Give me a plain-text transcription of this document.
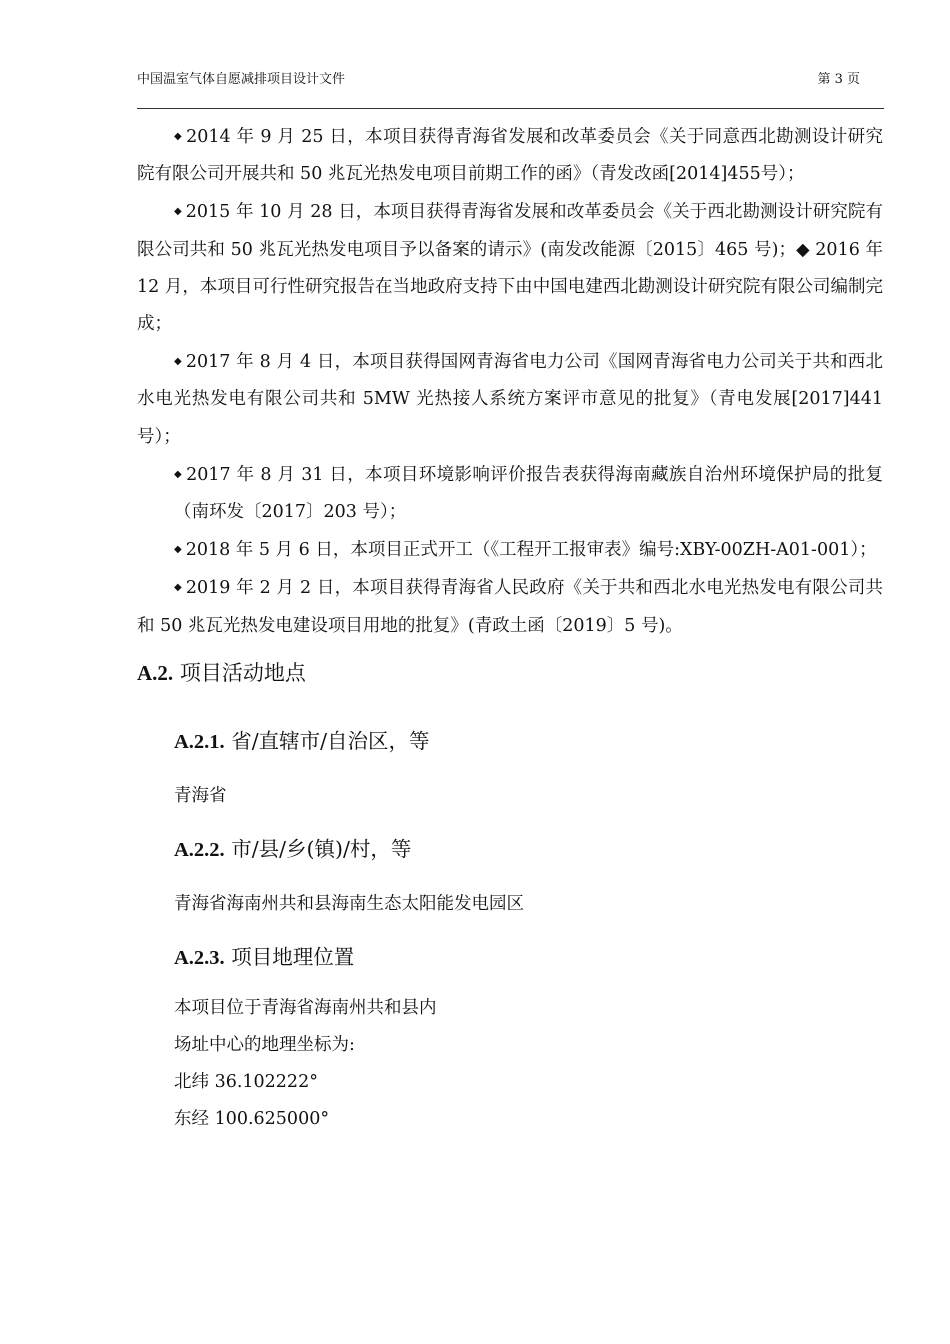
中国温室气体自愿减排项目设计文件	第 3 页

◆ 2014 年 9 月 25 日，本项目获得青海省发展和改革委员会《关于同意西北勘测设计研究院有限公司开展共和 50 兆瓦光热发电项目前期工作的函》（青发改函[2014]455号）；

◆ 2015 年 10 月 28 日，本项目获得青海省发展和改革委员会《关于西北勘测设计研究院有限公司共和 50 兆瓦光热发电项目予以备案的请示》(南发改能源〔2015〕465 号)；◆ 2016 年 12 月，本项目可行性研究报告在当地政府支持下由中国电建西北勘测设计研究院有限公司编制完成；

◆ 2017 年 8 月 4 日，本项目获得国网青海省电力公司《国网青海省电力公司关于共和西北水电光热发电有限公司共和 5MW 光热接人系统方案评市意见的批复》（青电发展[2017]441 号）；

◆ 2017 年 8 月 31 日，本项目环境影响评价报告表获得海南藏族自治州环境保护局的批复（南环发〔2017〕203 号）；

◆ 2018 年 5 月 6 日，本项目正式开工（《工程开工报审表》编号:XBY-00ZH-A01-001）；

◆ 2019 年 2 月 2 日，本项目获得青海省人民政府《关于共和西北水电光热发电有限公司共和 50 兆瓦光热发电建设项目用地的批复》(青政土函〔2019〕5 号)。

A.2. 项目活动地点
A.2.1. 省/直辖市/自治区，等

青海省

A.2.2. 市/县/乡(镇)/村，等

青海省海南州共和县海南生态太阳能发电园区

A.2.3. 项目地理位置

本项目位于青海省海南州共和县内

场址中心的地理坐标为:

北纬 36.102222°

东经 100.625000°
